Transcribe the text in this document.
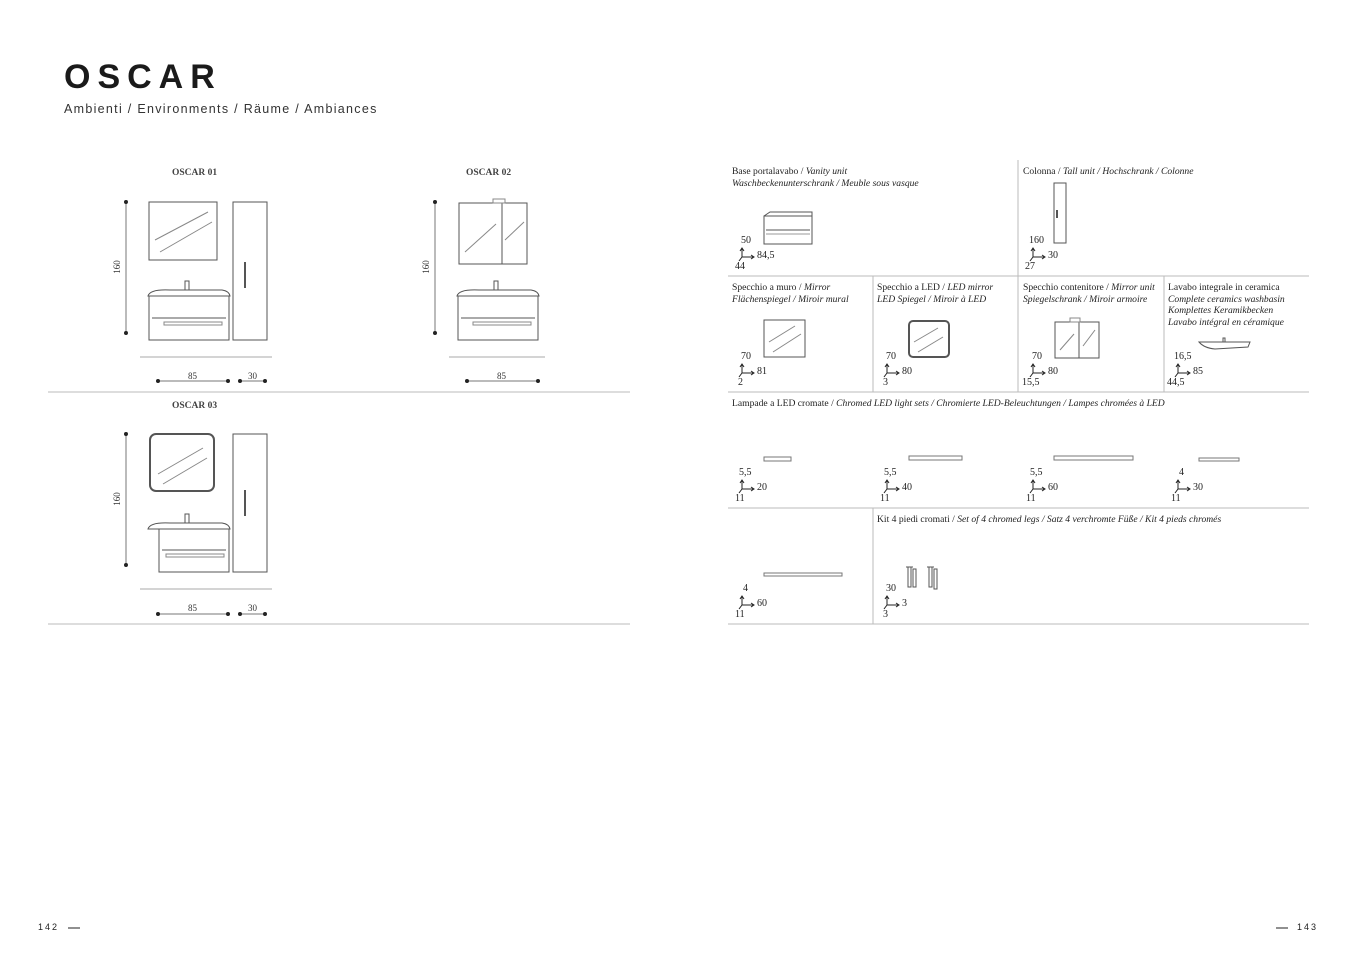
OSCAR
Ambienti / Environments / Räume / Ambiances
OSCAR 01	OSCAR 02
OSCAR 03
160
85	30
160
85
160
85	30
Base portalavabo / Vanity unit
Waschbeckenunterschrank / Meuble sous vasque
50
84,5
44
Colonna / Tall unit / Hochschrank / Colonne
160
30
27
Specchio a muro / Mirror
Flächenspiegel / Miroir mural
70
81
2
Specchio a LED / LED mirror
LED Spiegel / Miroir à LED
70
80
3
Specchio contenitore / Mirror unit
Spiegelschrank / Miroir armoire
70
80
15,5
Lavabo integrale in ceramica
Complete ceramics washbasin
Komplettes Keramikbecken
Lavabo intégral en céramique
16,5
85
44,5
Lampade a LED cromate / Chromed LED light sets / Chromierte LED-Beleuchtungen / Lampes chromées à LED
5,5
20
11
5,5
40
11
5,5
60
11
4
30
11
4
60
11
Kit 4 piedi cromati / Set of 4 chromed legs / Satz 4 verchromte Füße / Kit 4 pieds chromés
30
3
3
142	143
